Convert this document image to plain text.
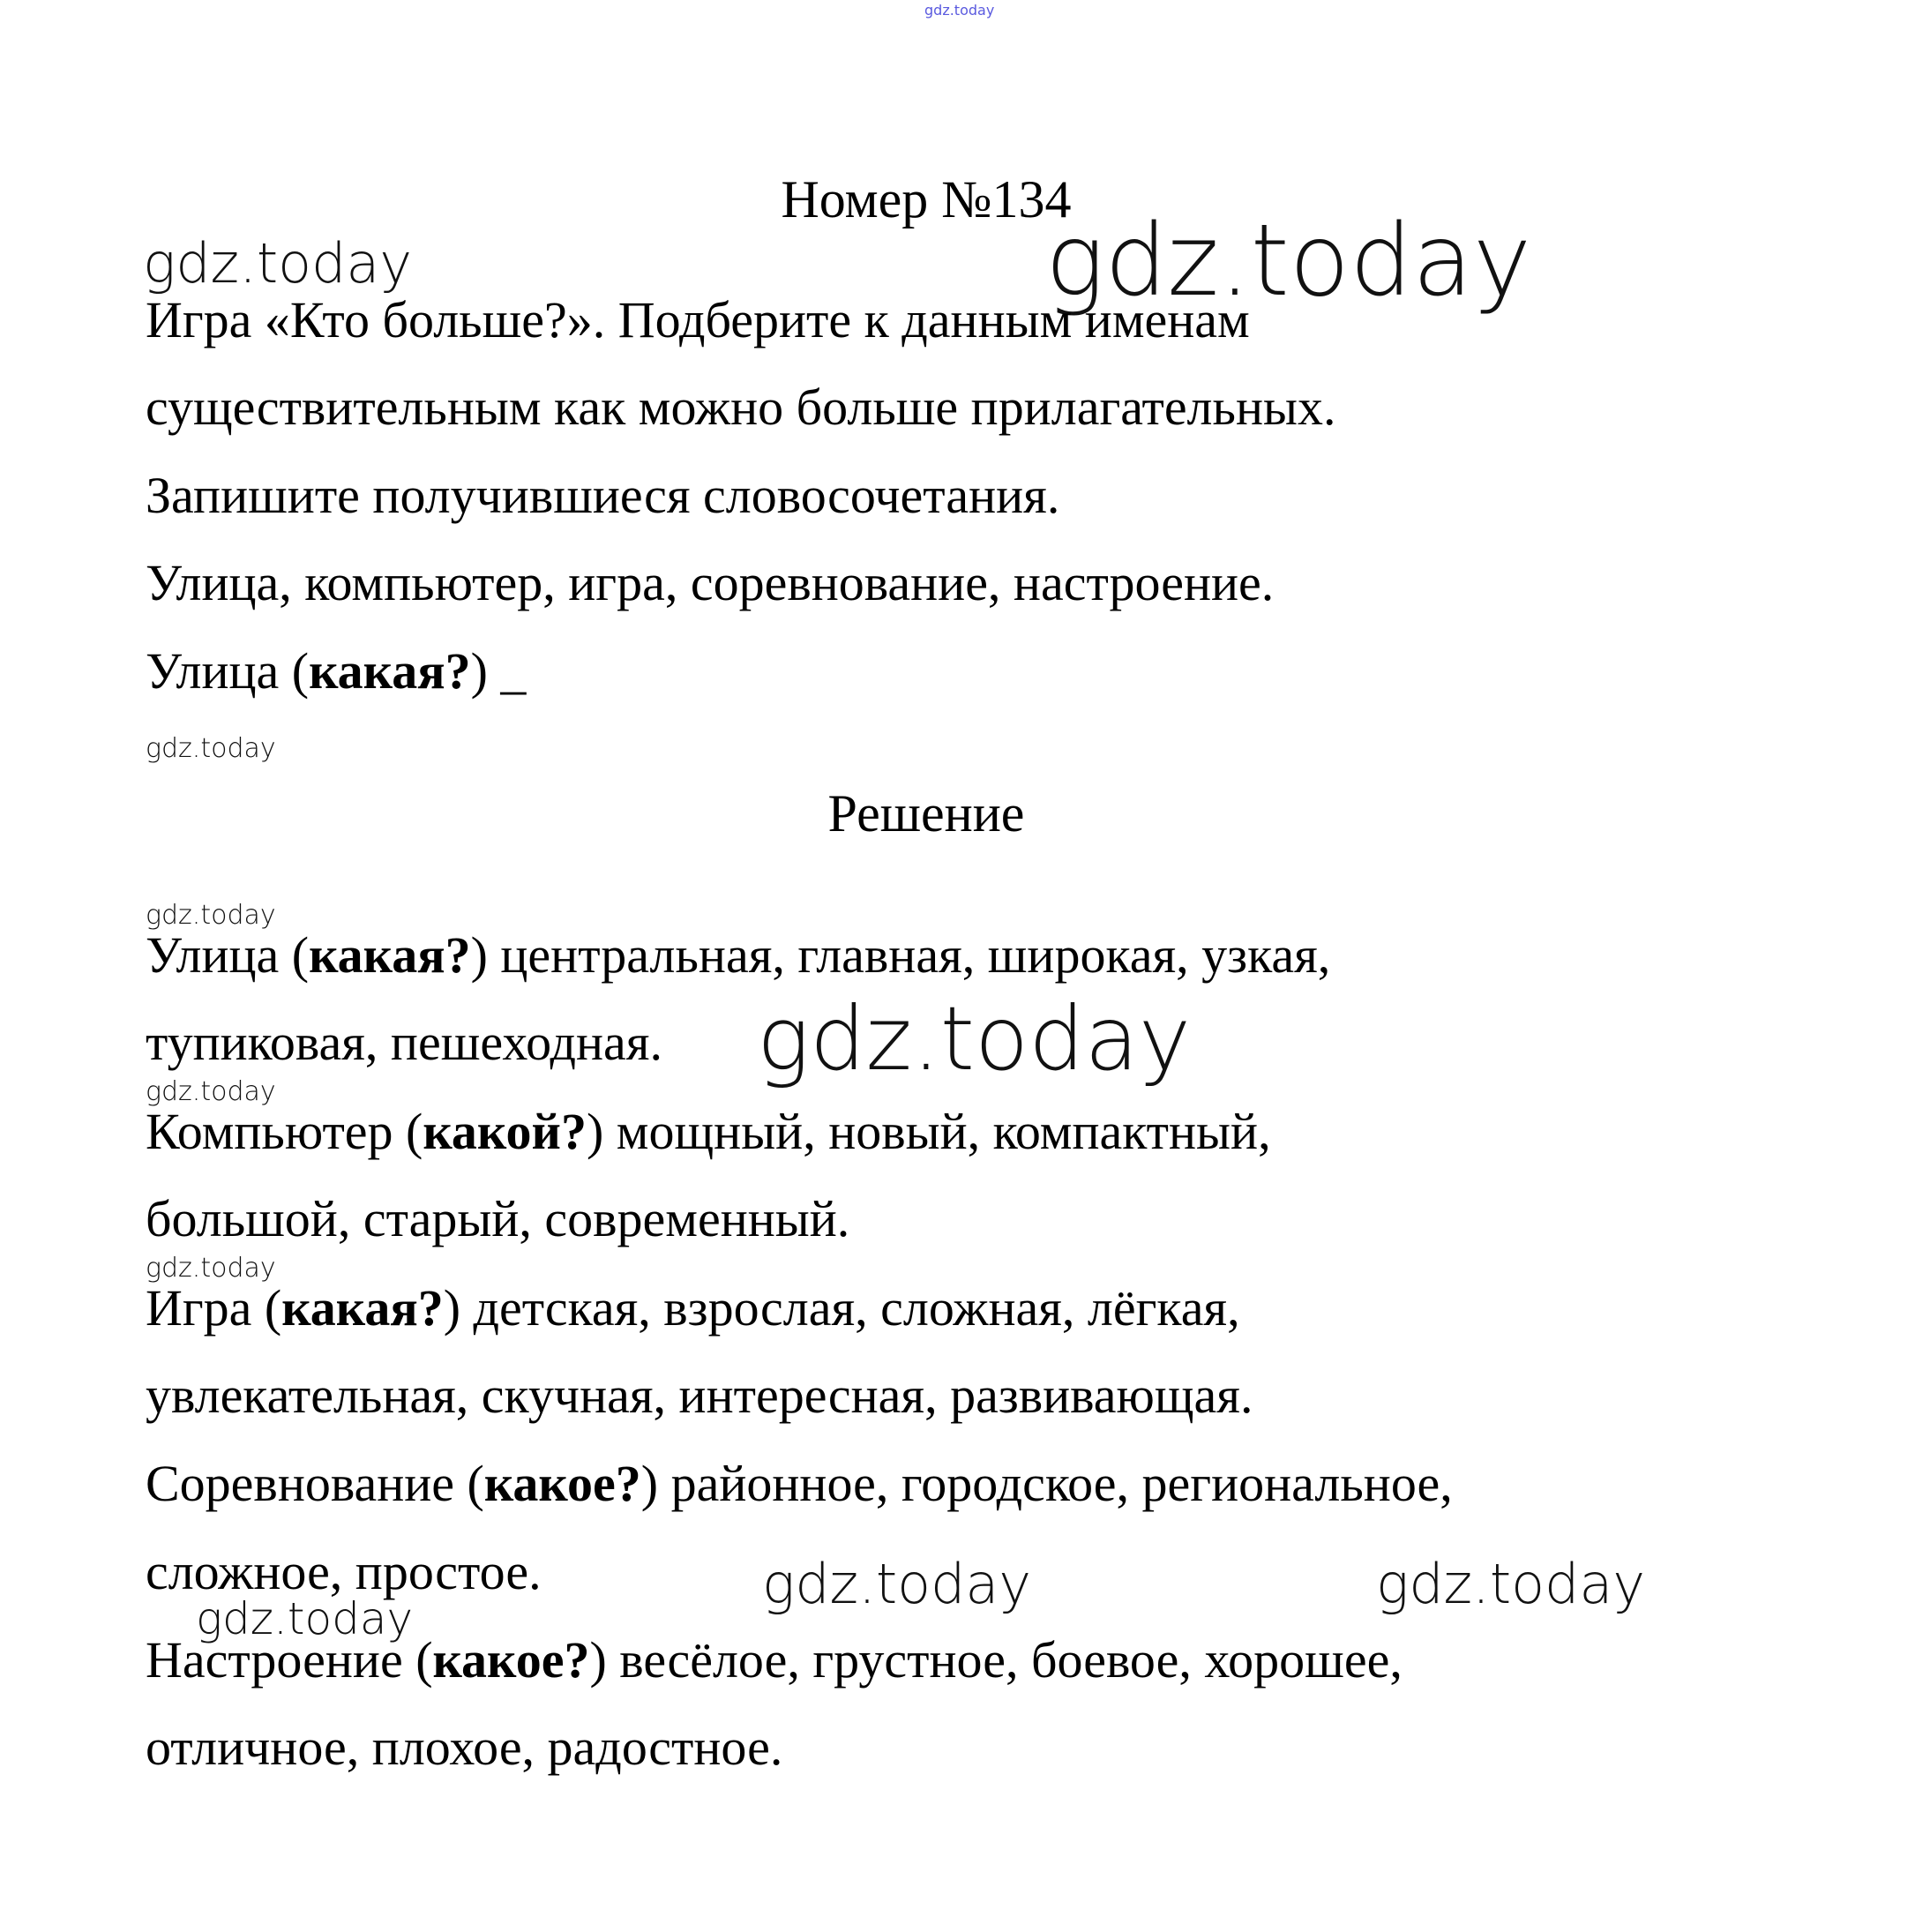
gdz.today
Номер №134
gdz.today	gdz.today
Игра «Кто больше?». Подберите к данным именам
существительным как можно больше прилагательных.
Запишите получившиеся словосочетания.
Улица, компьютер, игра, соревнование, настроение.
Улица (какая?) _
gdz.today
Решение
gdz.today
Улица (какая?) центральная, главная, широкая, узкая,
тупиковая, пешеходная. gdz.today
gdz.today
Компьютер (какой?) мощный, новый, компактный,
большой, старый, современный.
gdz.today
Игра (какая?) детская, взрослая, сложная, лёгкая,
увлекательная, скучная, интересная, развивающая.
Соревнование (какое?) районное, городское, региональное,
сложное, простое.	gdz.today	gdz.today
gdz.today
Настроение (какое?) весёлое, грустное, боевое, хорошее,
отличное, плохое, радостное.
